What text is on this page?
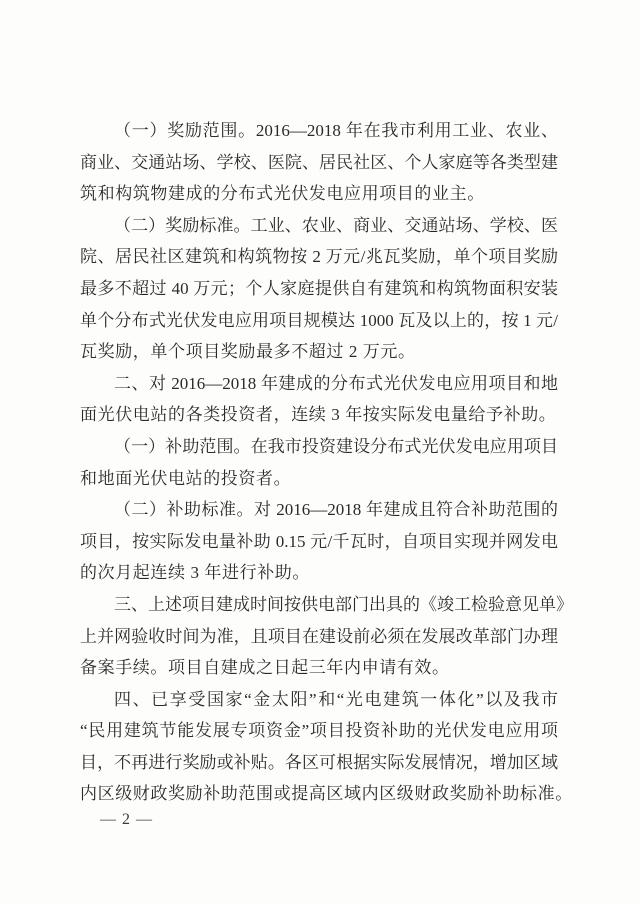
（一）奖励范围。2016—2018 年在我市利用工业、农业、
商业、交通站场、学校、医院、居民社区、个人家庭等各类型建
筑和构筑物建成的分布式光伏发电应用项目的业主。
（二）奖励标准。工业、农业、商业、交通站场、学校、医
院、居民社区建筑和构筑物按 2 万元/兆瓦奖励，单个项目奖励
最多不超过 40 万元；个人家庭提供自有建筑和构筑物面积安装
单个分布式光伏发电应用项目规模达 1000 瓦及以上的，按 1 元/
瓦奖励，单个项目奖励最多不超过 2 万元。
二、对 2016—2018 年建成的分布式光伏发电应用项目和地
面光伏电站的各类投资者，连续 3 年按实际发电量给予补助。
（一）补助范围。在我市投资建设分布式光伏发电应用项目
和地面光伏电站的投资者。
（二）补助标准。对 2016—2018 年建成且符合补助范围的
项目，按实际发电量补助 0.15 元/千瓦时，自项目实现并网发电
的次月起连续 3 年进行补助。
三、上述项目建成时间按供电部门出具的《竣工检验意见单》
上并网验收时间为准，且项目在建设前必须在发展改革部门办理
备案手续。项目自建成之日起三年内申请有效。
四、已享受国家“金太阳”和“光电建筑一体化”以及我市
“民用建筑节能发展专项资金”项目投资补助的光伏发电应用项
目，不再进行奖励或补贴。各区可根据实际发展情况，增加区域
内区级财政奖励补助范围或提高区域内区级财政奖励补助标准。
— 2 —
